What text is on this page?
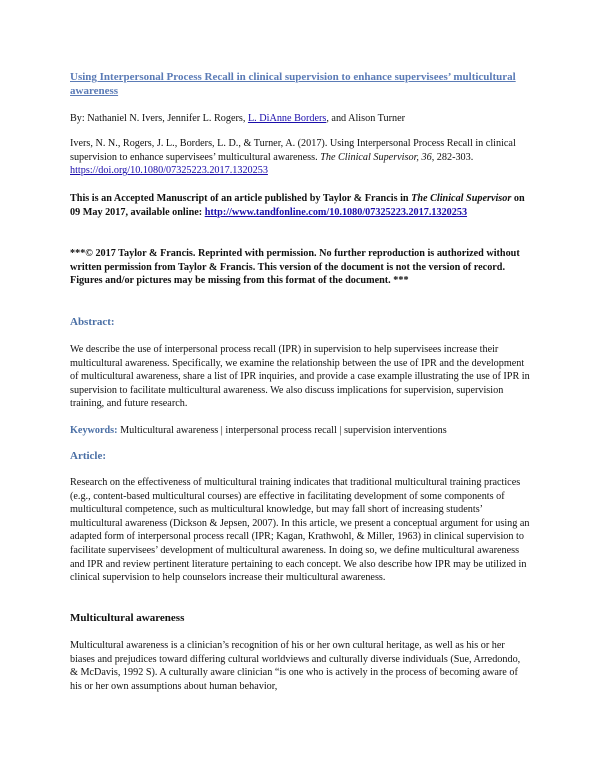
Using Interpersonal Process Recall in clinical supervision to enhance supervisees’ multicultural awareness

By: Nathaniel N. Ivers, Jennifer L. Rogers, L. DiAnne Borders, and Alison Turner

Ivers, N. N., Rogers, J. L., Borders, L. D., & Turner, A. (2017). Using Interpersonal Process Recall in clinical supervision to enhance supervisees’ multicultural awareness. The Clinical Supervisor, 36, 282-303. https://doi.org/10.1080/07325223.2017.1320253

This is an Accepted Manuscript of an article published by Taylor & Francis in The Clinical Supervisor on 09 May 2017, available online: http://www.tandfonline.com/10.1080/07325223.2017.1320253

***© 2017 Taylor & Francis. Reprinted with permission. No further reproduction is authorized without written permission from Taylor & Francis. This version of the document is not the version of record. Figures and/or pictures may be missing from this format of the document. ***

Abstract:

We describe the use of interpersonal process recall (IPR) in supervision to help supervisees increase their multicultural awareness. Specifically, we examine the relationship between the use of IPR and the development of multicultural awareness, share a list of IPR inquiries, and provide a case example illustrating the use of IPR in supervision to facilitate multicultural awareness. We also discuss implications for supervision, supervision training, and future research.

Keywords: Multicultural awareness | interpersonal process recall | supervision interventions

Article:

Research on the effectiveness of multicultural training indicates that traditional multicultural training practices (e.g., content-based multicultural courses) are effective in facilitating development of some components of multicultural competence, such as multicultural knowledge, but may fall short of increasing students’ multicultural awareness (Dickson & Jepsen, 2007). In this article, we present a conceptual argument for using an adapted form of interpersonal process recall (IPR; Kagan, Krathwohl, & Miller, 1963) in clinical supervision to facilitate supervisees’ development of multicultural awareness. In doing so, we define multicultural awareness and IPR and review pertinent literature pertaining to each concept. We also describe how IPR may be utilized in clinical supervision to help counselors increase their multicultural awareness.

Multicultural awareness

Multicultural awareness is a clinician’s recognition of his or her own cultural heritage, as well as his or her biases and prejudices toward differing cultural worldviews and culturally diverse individuals (Sue, Arredondo, & McDavis, 1992 S). A culturally aware clinician “is one who is actively in the process of becoming aware of his or her own assumptions about human behavior,
